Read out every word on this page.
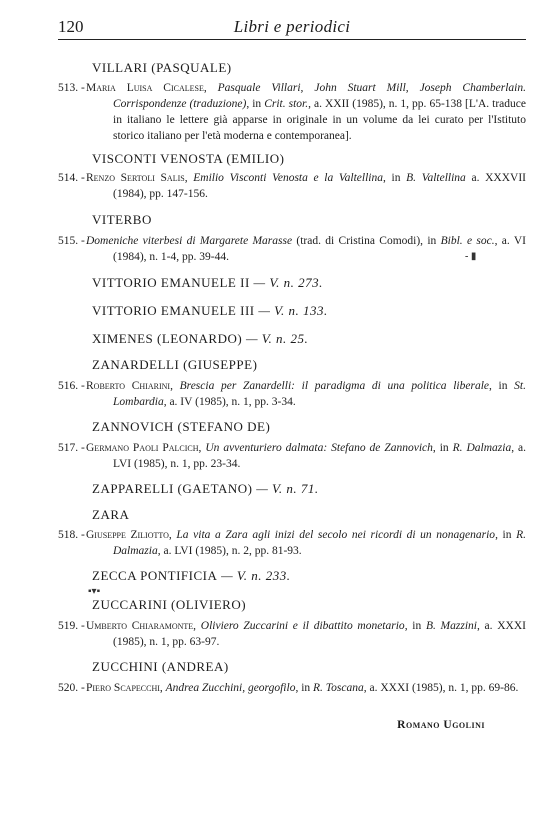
120	Libri e periodici
VILLARI (PASQUALE)
513. - Maria Luisa Cicalese, Pasquale Villari, John Stuart Mill, Joseph Chamberlain. Corrispondenze (traduzione), in Crit. stor., a. XXII (1985), n. 1, pp. 65-138 [L'A. traduce in italiano le lettere già apparse in originale in un volume da lei curato per l'Istituto storico italiano per l'età moderna e contemporanea].
VISCONTI VENOSTA (EMILIO)
514. - Renzo Sertoli Salis, Emilio Visconti Venosta e la Valtellina, in B. Valtellina a. XXXVII (1984), pp. 147-156.
VITERBO
515. - Domeniche viterbesi di Margarete Marasse (trad. di Cristina Comodi), in Bibl. e soc., a. VI (1984), n. 1-4, pp. 39-44.	- ▮
VITTORIO EMANUELE II — V. n. 273.
VITTORIO EMANUELE III — V. n. 133.
XIMENES (LEONARDO) — V. n. 25.
ZANARDELLI (GIUSEPPE)
516. - Roberto Chiarini, Brescia per Zanardelli: il paradigma di una politica liberale, in St. Lombardia, a. IV (1985), n. 1, pp. 3-34.
ZANNOVICH (STEFANO DE)
517. - Germano Paoli Palcich, Un avventuriero dalmata: Stefano de Zannovich, in R. Dalmazia, a. LVI (1985), n. 1, pp. 23-34.
ZAPPARELLI (GAETANO) — V. n. 71.
ZARA
518. - Giuseppe Ziliotto, La vita a Zara agli inizi del secolo nei ricordi di un nonagenario, in R. Dalmazia, a. LVI (1985), n. 2, pp. 81-93.
ZECCA PONTIFICIA — V. n. 233.
▪▾▪
ZUCCARINI (OLIVIERO)
519. - Umberto Chiaramonte, Oliviero Zuccarini e il dibattito monetario, in B. Mazzini, a. XXXI (1985), n. 1, pp. 63-97.
ZUCCHINI (ANDREA)
520. - Piero Scapecchi, Andrea Zucchini, georgofilo, in R. Toscana, a. XXXI (1985), n. 1, pp. 69-86.
Romano Ugolini
